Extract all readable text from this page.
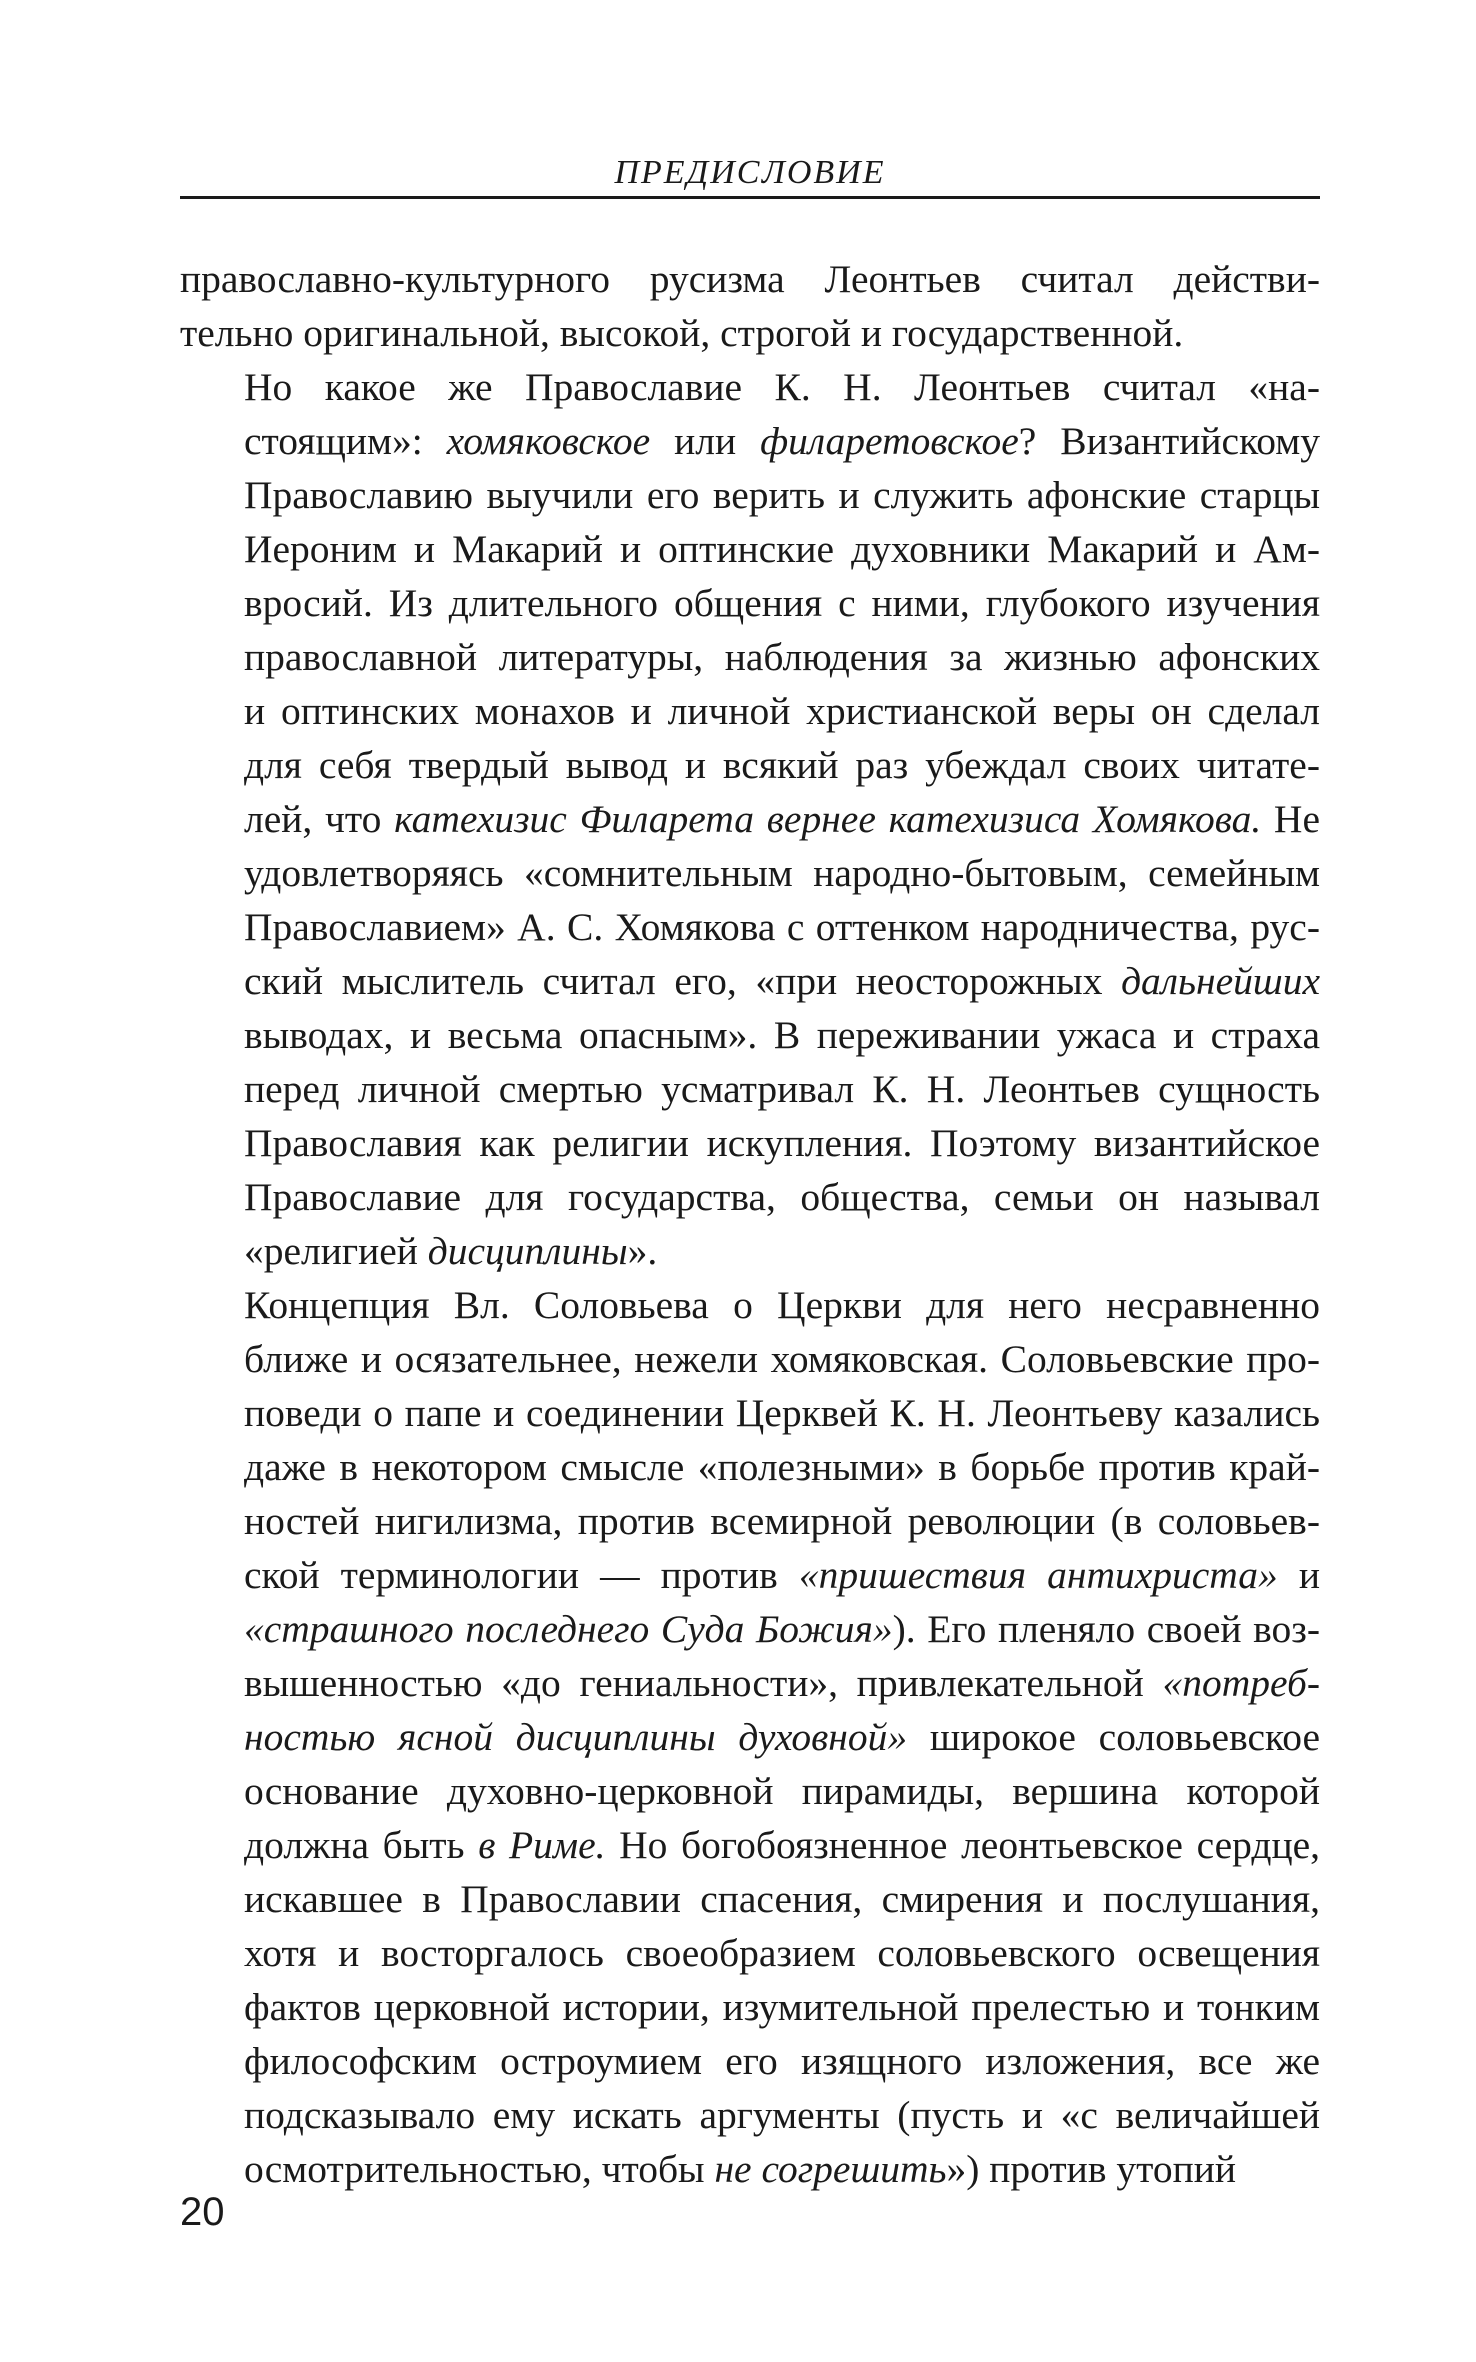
ПРЕДИСЛОВИЕ

православно-культурного русизма Леонтьев считал действи-
тельно оригинальной, высокой, строгой и государственной.

Но какое же Православие К. Н. Леонтьев считал «на-
стоящим»: хомяковское или филаретовское? Византийскому
Православию выучили его верить и служить афонские старцы
Иероним и Макарий и оптинские духовники Макарий и Ам-
вросий. Из длительного общения с ними, глубокого изучения
православной литературы, наблюдения за жизнью афонских
и оптинских монахов и личной христианской веры он сделал
для себя твердый вывод и всякий раз убеждал своих читате-
лей, что катехизис Филарета вернее катехизиса Хомякова. Не
удовлетворяясь «сомнительным народно-бытовым, семейным
Православием» А. С. Хомякова с оттенком народничества, рус-
ский мыслитель считал его, «при неосторожных дальнейших
выводах, и весьма опасным». В переживании ужаса и страха
перед личной смертью усматривал К. Н. Леонтьев сущность
Православия как религии искупления. Поэтому византийское
Православие для государства, общества, семьи он называл
«религией дисциплины».

Концепция Вл. Соловьева о Церкви для него несравненно
ближе и осязательнее, нежели хомяковская. Соловьевские про-
поведи о папе и соединении Церквей К. Н. Леонтьеву казались
даже в некотором смысле «полезными» в борьбе против край-
ностей нигилизма, против всемирной революции (в соловьев-
ской терминологии — против «пришествия антихриста» и
«страшного последнего Суда Божия»). Его пленяло своей воз-
вышенностью «до гениальности», привлекательной «потреб-
ностью ясной дисциплины духовной» широкое соловьевское
основание духовно-церковной пирамиды, вершина которой
должна быть в Риме. Но богобоязненное леонтьевское сердце,
искавшее в Православии спасения, смирения и послушания,
хотя и восторгалось своеобразием соловьевского освещения
фактов церковной истории, изумительной прелестью и тонким
философским остроумием его изящного изложения, все же
подсказывало ему искать аргументы (пусть и «с величайшей
осмотрительностью, чтобы не согрешить») против утопий

20
